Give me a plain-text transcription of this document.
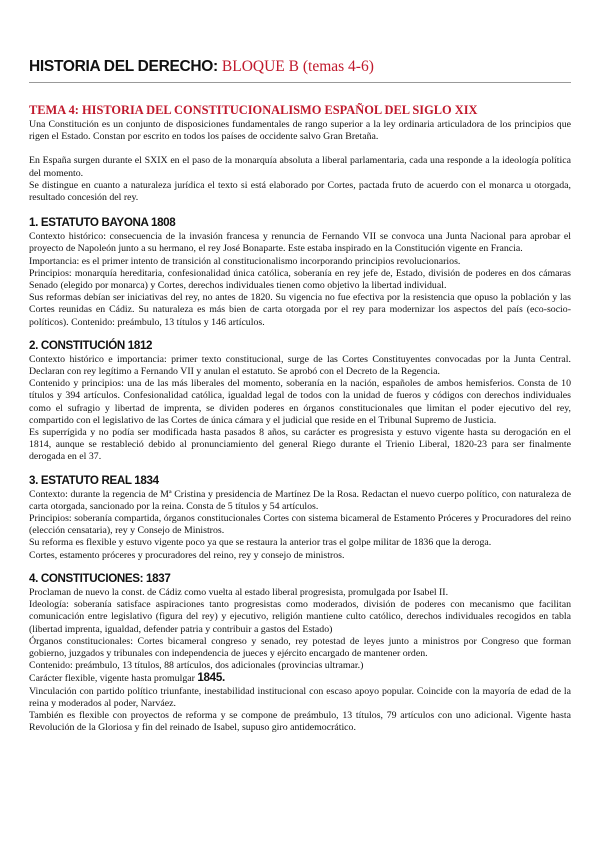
HISTORIA DEL DERECHO: BLOQUE B (temas 4-6)
TEMA 4: HISTORIA DEL CONSTITUCIONALISMO ESPAÑOL DEL SIGLO XIX

Una Constitución es un conjunto de disposiciones fundamentales de rango superior a la ley ordinaria articuladora de los principios que rigen el Estado. Constan por escrito en todos los países de occidente salvo Gran Bretaña.

En España surgen durante el SXIX en el paso de la monarquía absoluta a liberal parlamentaria, cada una responde a la ideología política del momento.

Se distingue en cuanto a naturaleza jurídica el texto si está elaborado por Cortes, pactada fruto de acuerdo con el monarca u otorgada, resultado concesión del rey.

1. ESTATUTO BAYONA 1808

Contexto histórico: consecuencia de la invasión francesa y renuncia de Fernando VII se convoca una Junta Nacional para aprobar el proyecto de Napoleón junto a su hermano, el rey José Bonaparte. Este estaba inspirado en la Constitución vigente en Francia.

Importancia: es el primer intento de transición al constitucionalismo incorporando principios revolucionarios.

Principios: monarquía hereditaria, confesionalidad única católica, soberanía en rey jefe de, Estado, división de poderes en dos cámaras Senado (elegido por monarca) y Cortes, derechos individuales tienen como objetivo la libertad individual.

Sus reformas debían ser iniciativas del rey, no antes de 1820. Su vigencia no fue efectiva por la resistencia que opuso la población y las Cortes reunidas en Cádiz. Su naturaleza es más bien de carta otorgada por el rey para modernizar los aspectos del país (eco-socio-políticos). Contenido: preámbulo, 13 títulos y 146 artículos.

2. CONSTITUCIÓN 1812

Contexto histórico e importancia: primer texto constitucional, surge de las Cortes Constituyentes convocadas por la Junta Central. Declaran con rey legítimo a Fernando VII y anulan el estatuto. Se aprobó con el Decreto de la Regencia.

Contenido y principios: una de las más liberales del momento, soberanía en la nación, españoles de ambos hemisferios. Consta de 10 títulos y 394 artículos. Confesionalidad católica, igualdad legal de todos con la unidad de fueros y códigos con derechos individuales como el sufragio y libertad de imprenta, se dividen poderes en órganos constitucionales que limitan el poder ejecutivo del rey, compartido con el legislativo de las Cortes de única cámara y el judicial que reside en el Tribunal Supremo de Justicia.

Es superrígida y no podía ser modificada hasta pasados 8 años, su carácter es progresista y estuvo vigente hasta su derogación en el 1814, aunque se restableció debido al pronunciamiento del general Riego durante el Trienio Liberal, 1820-23 para ser finalmente derogada en el 37.

3. ESTATUTO REAL 1834

Contexto: durante la regencia de Mª Cristina y presidencia de Martínez De la Rosa. Redactan el nuevo cuerpo político, con naturaleza de carta otorgada, sancionado por la reina. Consta de 5 títulos y 54 artículos.

Principios: soberanía compartida, órganos constitucionales Cortes con sistema bicameral de Estamento Próceres y Procuradores del reino (elección censataria), rey y Consejo de Ministros.

Su reforma es flexible y estuvo vigente poco ya que se restaura la anterior tras el golpe militar de 1836 que la deroga.

Cortes, estamento próceres y procuradores del reino, rey y consejo de ministros.

4. CONSTITUCIONES: 1837

Proclaman de nuevo la const. de Cádiz como vuelta al estado liberal progresista, promulgada por Isabel II.

Ideología: soberanía satisface aspiraciones tanto progresistas como moderados, división de poderes con mecanismo que facilitan comunicación entre legislativo (figura del rey) y ejecutivo, religión mantiene culto católico, derechos individuales recogidos en tabla (libertad imprenta, igualdad, defender patria y contribuir a gastos del Estado)

Órganos constitucionales: Cortes bicameral congreso y senado, rey potestad de leyes junto a ministros por Congreso que forman gobierno, juzgados y tribunales con independencia de jueces y ejército encargado de mantener orden.

Contenido: preámbulo, 13 títulos, 88 artículos, dos adicionales (provincias ultramar.)

Carácter flexible, vigente hasta promulgar 1845.

Vinculación con partido político triunfante, inestabilidad institucional con escaso apoyo popular. Coincide con la mayoría de edad de la reina y moderados al poder, Narváez.

También es flexible con proyectos de reforma y se compone de preámbulo, 13 títulos, 79 artículos con uno adicional. Vigente hasta Revolución de la Gloriosa y fin del reinado de Isabel, supuso giro antidemocrático.
